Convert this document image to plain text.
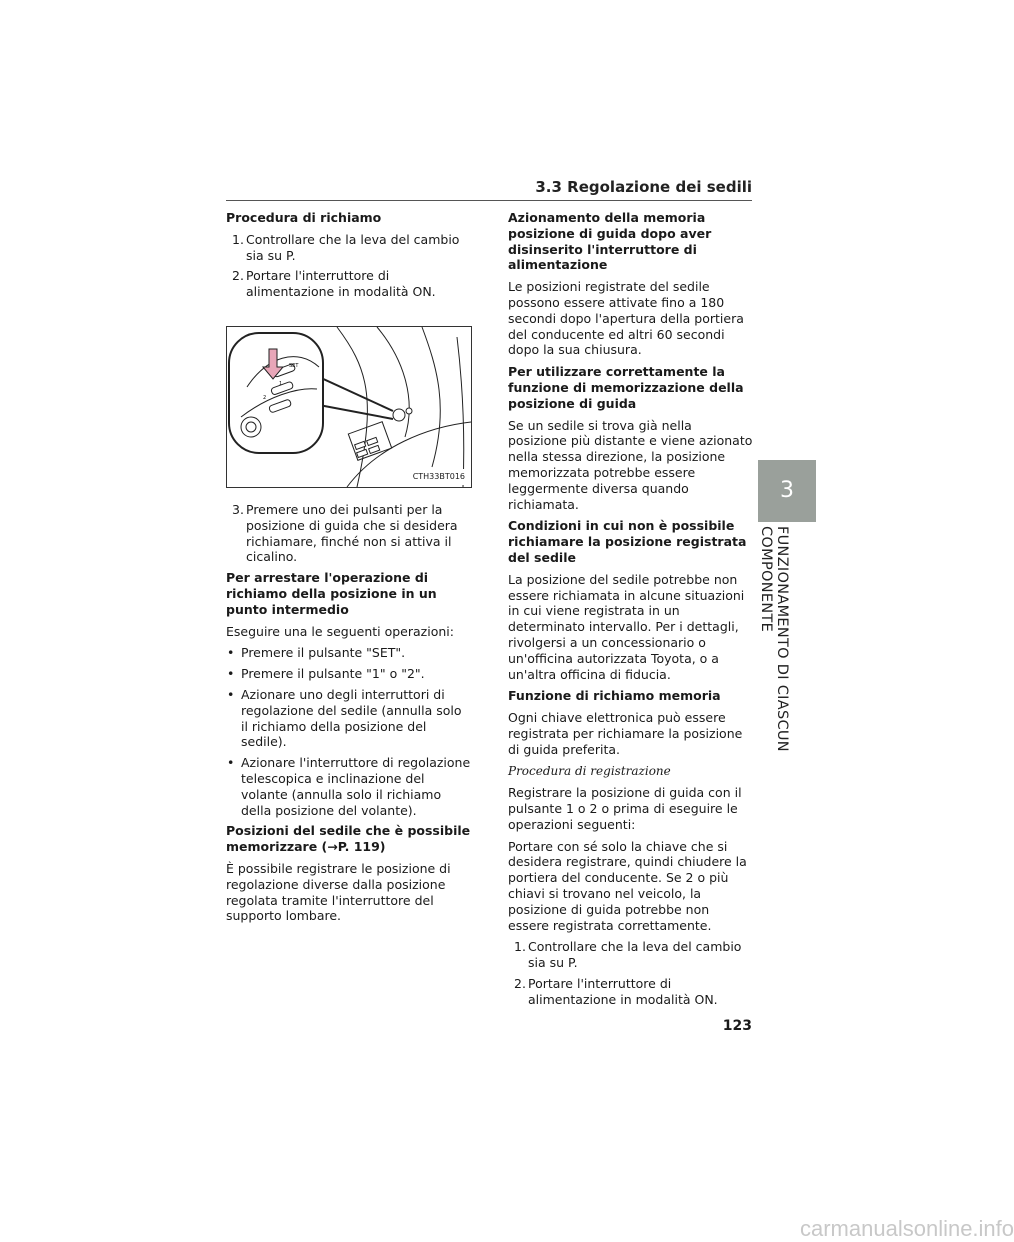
3.3 Regolazione dei sedili
Procedura di richiamo
1. Controllare che la leva del cambio sia su P.
2. Portare l'interruttore di alimentazione in modalità ON.
SET
1
2
CTH33BT016
3. Premere uno dei pulsanti per la posizione di guida che si desidera richiamare, finché non si attiva il cicalino.
Per arrestare l'operazione di richiamo della posizione in un punto intermedio

Eseguire una le seguenti operazioni:

• Premere il pulsante "SET".
• Premere il pulsante "1" o "2".
• Azionare uno degli interruttori di regolazione del sedile (annulla solo il richiamo della posizione del sedile).
• Azionare l'interruttore di regolazione telescopica e inclinazione del volante (annulla solo il richiamo della posizione del volante).
Posizioni del sedile che è possibile memorizzare (→P. 119)

È possibile registrare le posizione di regolazione diverse dalla posizione regolata tramite l'interruttore del supporto lombare.

Azionamento della memoria posizione di guida dopo aver disinserito l'interruttore di alimentazione

Le posizioni registrate del sedile possono essere attivate fino a 180 secondi dopo l'apertura della portiera del conducente ed altri 60 secondi dopo la sua chiusura.

Per utilizzare correttamente la funzione di memorizzazione della posizione di guida

Se un sedile si trova già nella posizione più distante e viene azionato nella stessa direzione, la posizione memorizzata potrebbe essere leggermente diversa quando richiamata.

Condizioni in cui non è possibile richiamare la posizione registrata del sedile

La posizione del sedile potrebbe non essere richiamata in alcune situazioni in cui viene registrata in un determinato intervallo. Per i dettagli, rivolgersi a un concessionario o un'officina autorizzata Toyota, o a un'altra officina di fiducia.

Funzione di richiamo memoria

Ogni chiave elettronica può essere registrata per richiamare la posizione di guida preferita.

Procedura di registrazione

Registrare la posizione di guida con il pulsante 1 o 2 o prima di eseguire le operazioni seguenti:

Portare con sé solo la chiave che si desidera registrare, quindi chiudere la portiera del conducente. Se 2 o più chiavi si trovano nel veicolo, la posizione di guida potrebbe non essere registrata correttamente.

1. Controllare che la leva del cambio sia su P.
2. Portare l'interruttore di alimentazione in modalità ON.
3
FUNZIONAMENTO DI CIASCUN COMPONENTE
123
carmanualsonline.info
